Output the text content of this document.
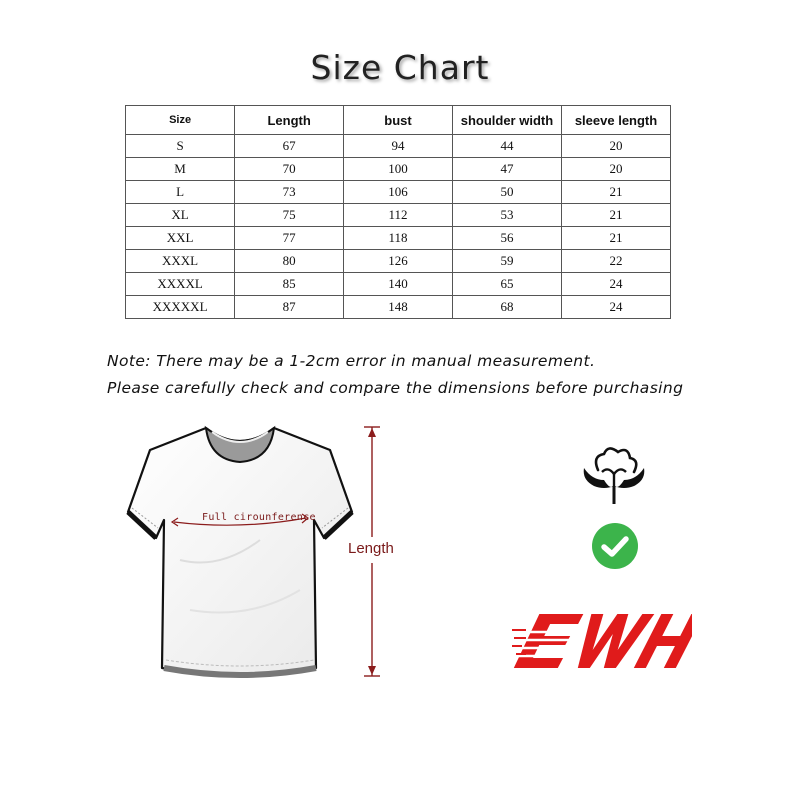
Size Chart
Size	Length	bust	shoulder width	sleeve length
S	67	94	44	20
M	70	100	47	20
L	73	106	50	21
XL	75	112	53	21
XXL	77	118	56	21
XXXL	80	126	59	22
XXXXL	85	140	65	24
XXXXXL	87	148	68	24
Note: There may be a 1-2cm error in manual measurement.
Please carefully check and compare the dimensions before purchasing
Full cirounference
Length
